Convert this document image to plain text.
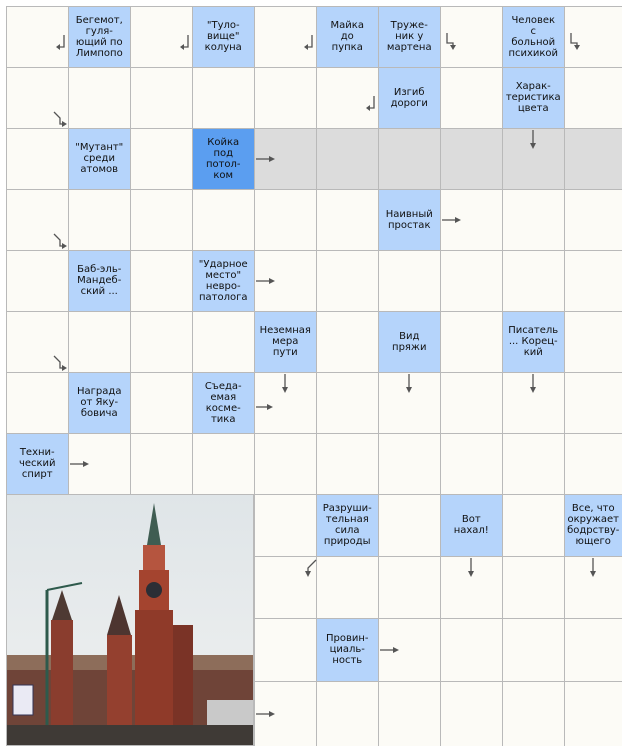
Бегемот,
гуля-
ющий по
Лимпопо
"Туло-
вище"
колуна
Майка
до
пупка
Труже-
ник у
мартена
Человек
с
больной
психикой
Изгиб
дороги
Харак-
теристика
цвета
"Мутант"
среди
атомов
Койка
под
потол-
ком
Наивный
простак
Баб-эль-
Мандеб-
ский ...
"Ударное
место"
невро-
патолога
Неземная
мера
пути
Вид
пряжи
Писатель
... Корец-
кий
Награда
от Яку-
бовича
Съеда-
емая
косме-
тика
Техни-
ческий
спирт
Разруши-
тельная
сила
природы
Вот
нахал!
Все, что
окружает
бодрству-
ющего
Провин-
циаль-
ность
